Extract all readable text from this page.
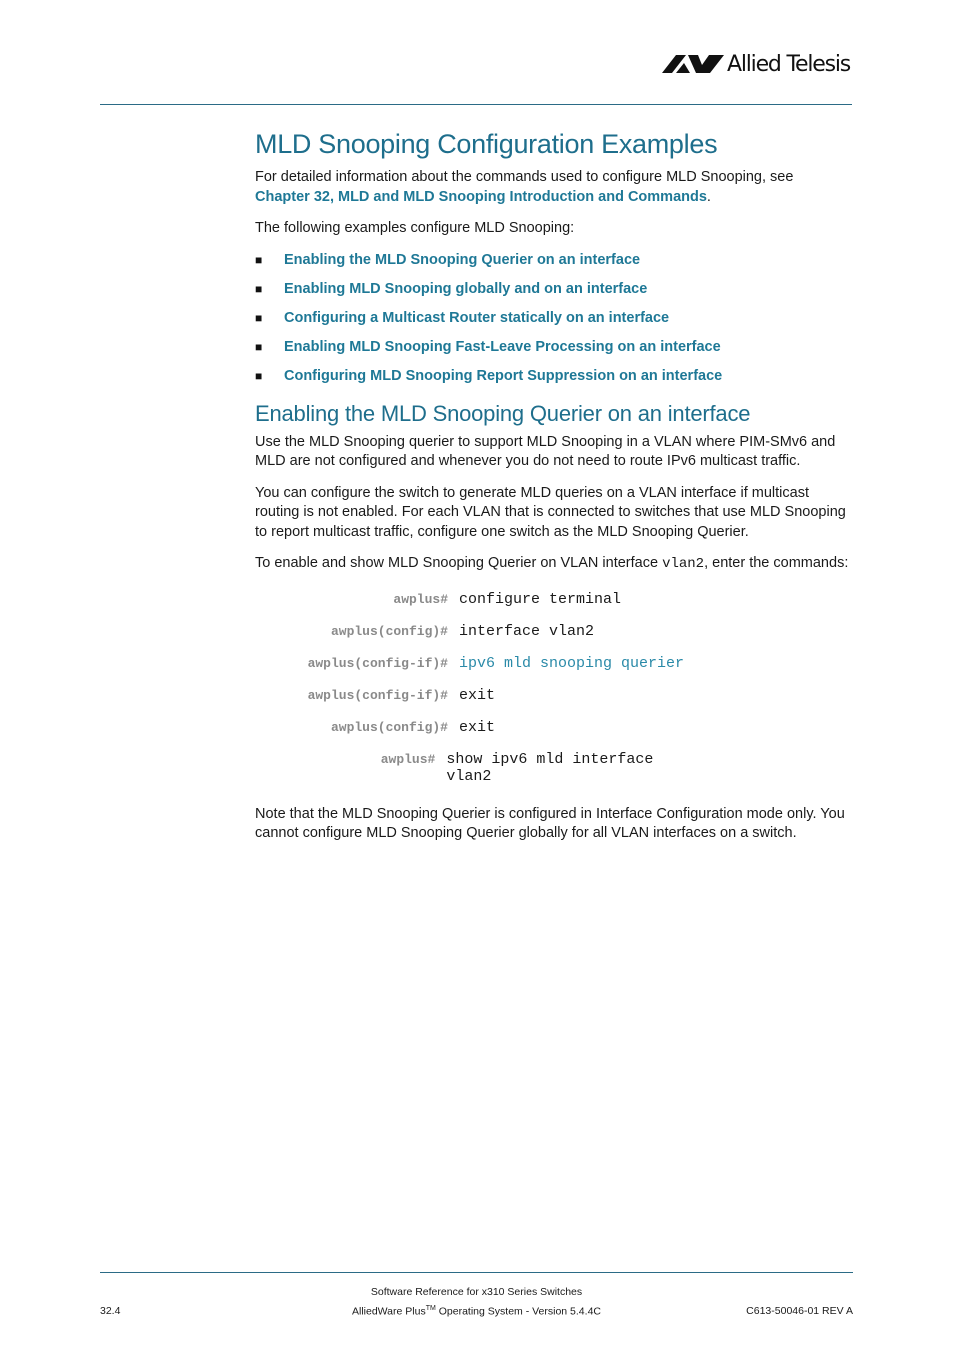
Allied Telesis
MLD Snooping Configuration Examples

For detailed information about the commands used to configure MLD Snooping, see
Chapter 32, MLD and MLD Snooping Introduction and Commands.

The following examples configure MLD Snooping:

■	Enabling the MLD Snooping Querier on an interface
■	Enabling MLD Snooping globally and on an interface
■	Configuring a Multicast Router statically on an interface
■	Enabling MLD Snooping Fast-Leave Processing on an interface
■	Configuring MLD Snooping Report Suppression on an interface
Enabling the MLD Snooping Querier on an interface

Use the MLD Snooping querier to support MLD Snooping in a VLAN where PIM-SMv6 and MLD are not configured and whenever you do not need to route IPv6 multicast traffic.

You can configure the switch to generate MLD queries on a VLAN interface if multicast routing is not enabled. For each VLAN that is connected to switches that use MLD Snooping to report multicast traffic, configure one switch as the MLD Snooping Querier.

To enable and show MLD Snooping Querier on VLAN interface vlan2, enter the commands:

awplus# configure terminal
awplus(config)# interface vlan2
awplus(config-if)# ipv6 mld snooping querier
awplus(config-if)# exit
awplus(config)# exit
awplus# show ipv6 mld interface vlan2

Note that the MLD Snooping Querier is configured in Interface Configuration mode only. You cannot configure MLD Snooping Querier globally for all VLAN interfaces on a switch.

Software Reference for x310 Series Switches
AlliedWare Plus™ Operating System - Version 5.4.4C
32.4	C613-50046-01 REV A
